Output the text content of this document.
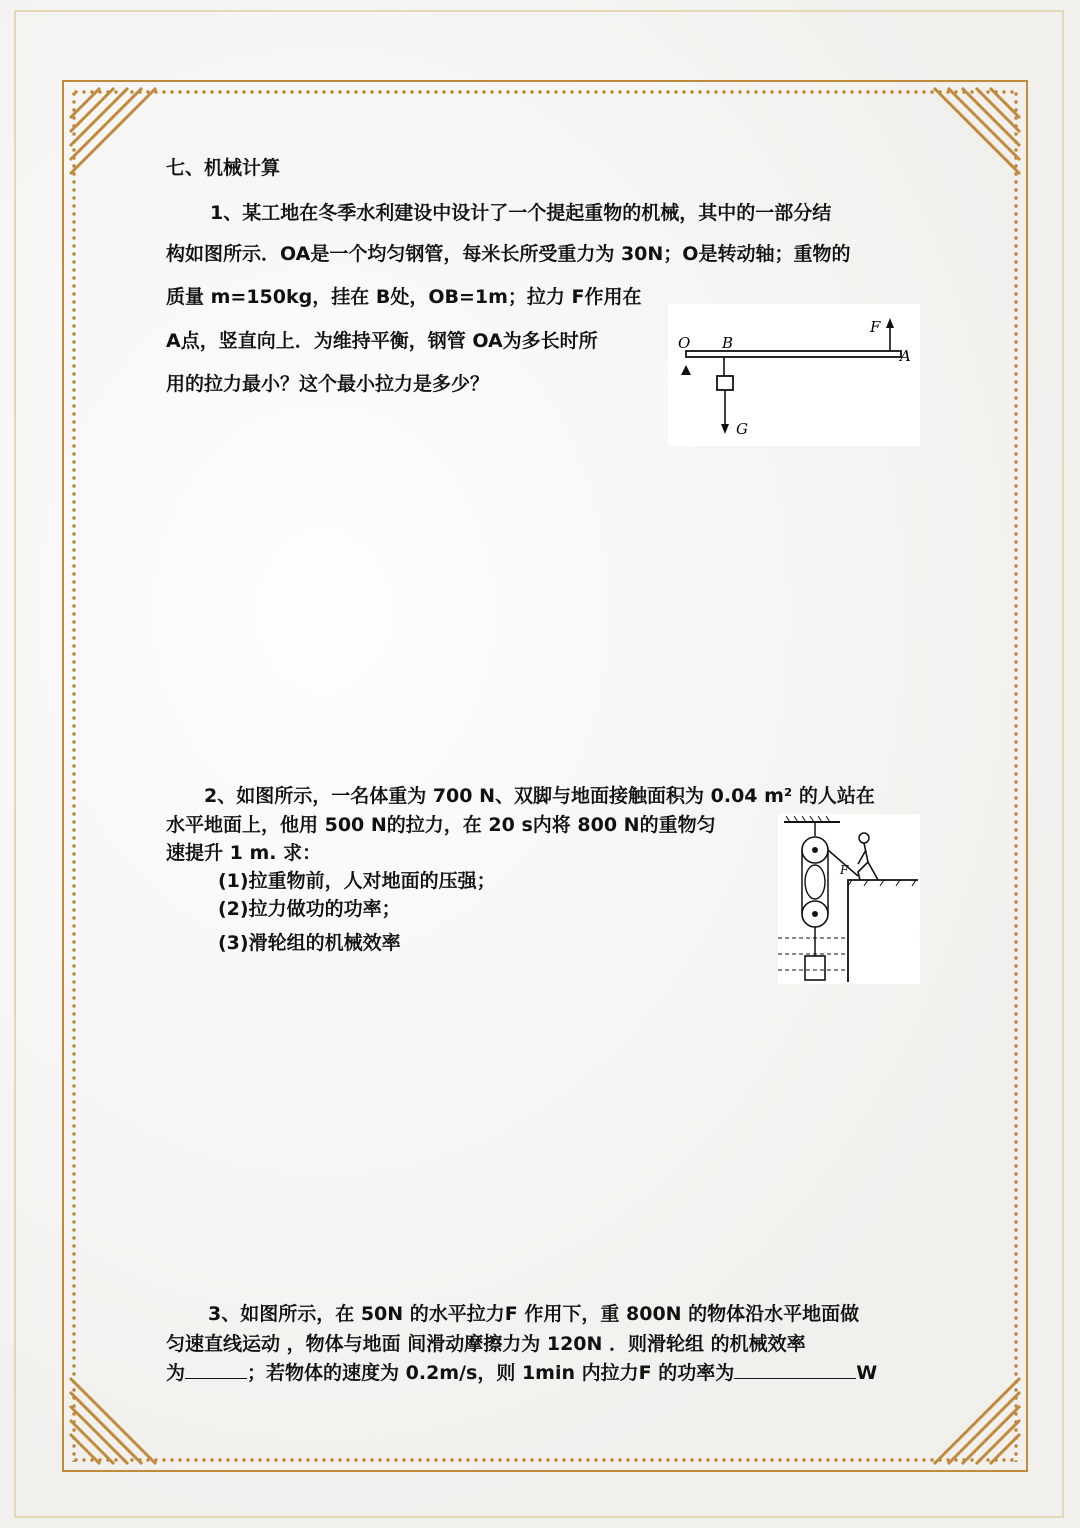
七、机械计算
1、某工地在冬季水利建设中设计了一个提起重物的机械，其中的一部分结
构如图所示．OA是一个均匀钢管，每米长所受重力为 30N；O是转动轴；重物的
质量 m=150kg，挂在 B处，OB=1m；拉力 F作用在
A点，竖直向上．为维持平衡，钢管 OA为多长时所
用的拉力最小？这个最小拉力是多少？
O B
F
A
G
2、如图所示，一名体重为 700 N、双脚与地面接触面积为 0.04 m² 的人站在
水平地面上，他用 500 N的拉力，在 20 s内将 800 N的重物匀
速提升 1 m. 求：
(1)拉重物前，人对地面的压强；
(2)拉力做功的功率；
(3)滑轮组的机械效率
F
3、如图所示，在 50N 的水平拉力F 作用下，重 800N 的物体沿水平地面做
匀速直线运动 ，物体与地面 间滑动摩擦力为 120N ．则滑轮组 的机械效率
为	；若物体的速度为 0.2m/s，则 1min 内拉力F 的功率为	W
